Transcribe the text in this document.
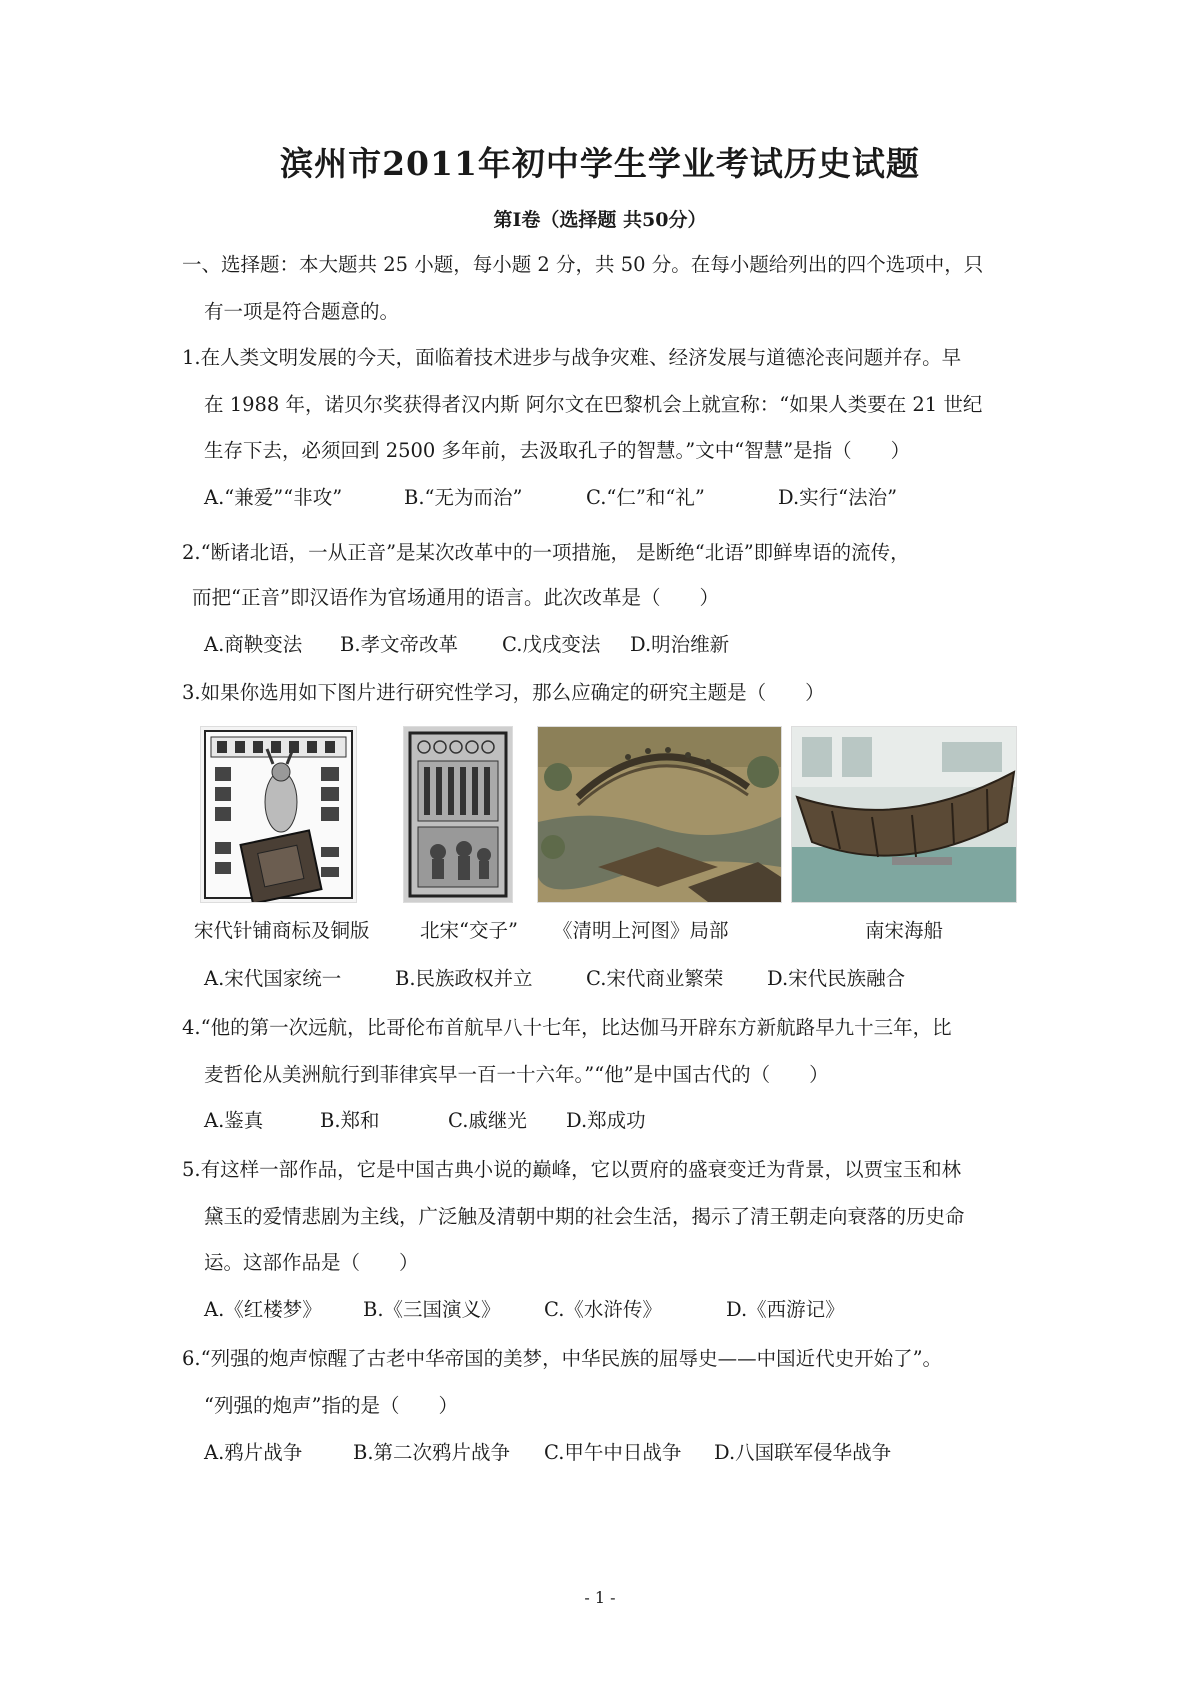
滨州市2011年初中学生学业考试历史试题
第Ⅰ卷（选择题 共50分）
一、选择题：本大题共 25 小题，每小题 2 分，共 50 分。在每小题给列出的四个选项中，只
有一项是符合题意的。
1.在人类文明发展的今天，面临着技术进步与战争灾难、经济发展与道德沦丧问题并存。早
在 1988 年，诺贝尔奖获得者汉内斯 阿尔文在巴黎机会上就宣称：“如果人类要在 21 世纪
生存下去，必须回到 2500 多年前，去汲取孔子的智慧。”文中“智慧”是指（　　）
A.“兼爱”“非攻”	B.“无为而治”	C.“仁”和“礼”	D.实行“法治”
2.“断诸北语，一从正音”是某次改革中的一项措施， 是断绝“北语”即鲜卑语的流传，
而把“正音”即汉语作为官场通用的语言。此次改革是（　　）
A.商鞅变法 B.孝文帝改革 C.戊戌变法 D.明治维新
3.如果你选用如下图片进行研究性学习，那么应确定的研究主题是（　　）
宋代针铺商标及铜版	北宋“交子” 《清明上河图》局部	南宋海船
A.宋代国家统一	B.民族政权并立	C.宋代商业繁荣 D.宋代民族融合
4.“他的第一次远航，比哥伦布首航早八十七年，比达伽马开辟东方新航路早九十三年，比
麦哲伦从美洲航行到菲律宾早一百一十六年。”“他”是中国古代的（　　）
A.鉴真	B.郑和	C.戚继光 D.郑成功
5.有这样一部作品，它是中国古典小说的巅峰，它以贾府的盛衰变迁为背景，以贾宝玉和林
黛玉的爱情悲剧为主线，广泛触及清朝中期的社会生活，揭示了清王朝走向衰落的历史命
运。这部作品是（　　）
A.《红楼梦》 B.《三国演义》 C.《水浒传》	D.《西游记》
6.“列强的炮声惊醒了古老中华帝国的美梦，中华民族的屈辱史——中国近代史开始了”。
“列强的炮声”指的是（　　）
A.鸦片战争	B.第二次鸦片战争 C.甲午中日战争 D.八国联军侵华战争
- 1 -
